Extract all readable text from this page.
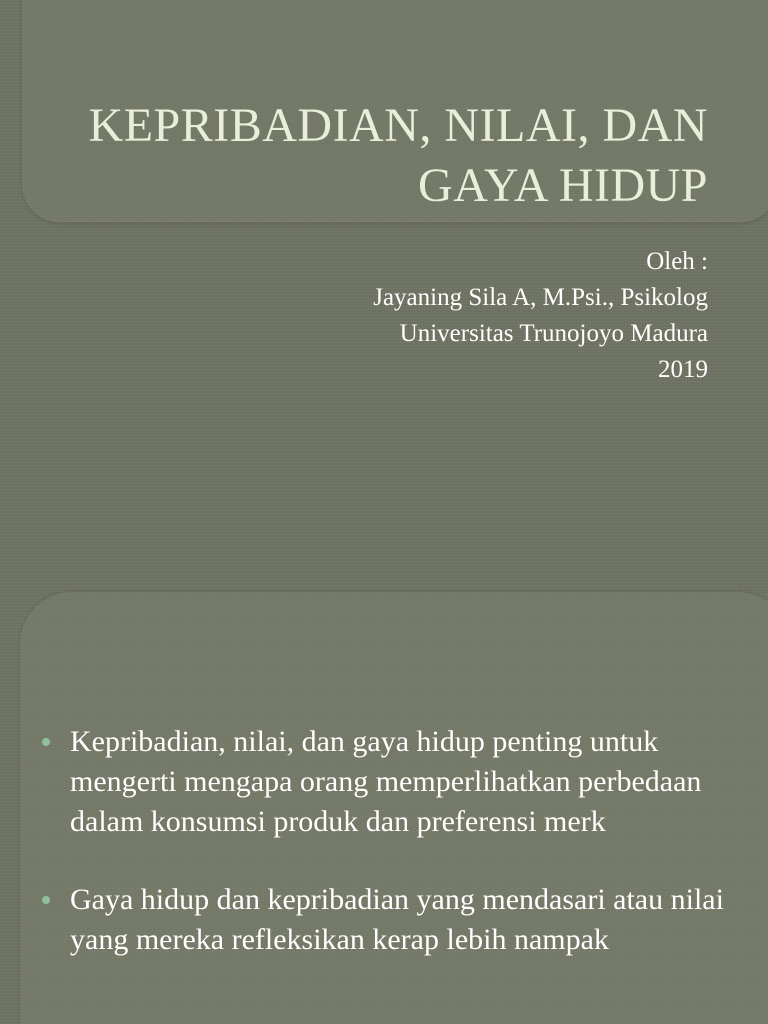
KEPRIBADIAN, NILAI, DAN GAYA HIDUP
Oleh :
Jayaning Sila A, M.Psi., Psikolog
Universitas Trunojoyo Madura
2019
Kepribadian, nilai, dan gaya hidup penting untuk mengerti mengapa orang memperlihatkan perbedaan dalam konsumsi produk dan preferensi merk
Gaya hidup dan kepribadian yang mendasari atau nilai yang mereka refleksikan kerap lebih nampak
